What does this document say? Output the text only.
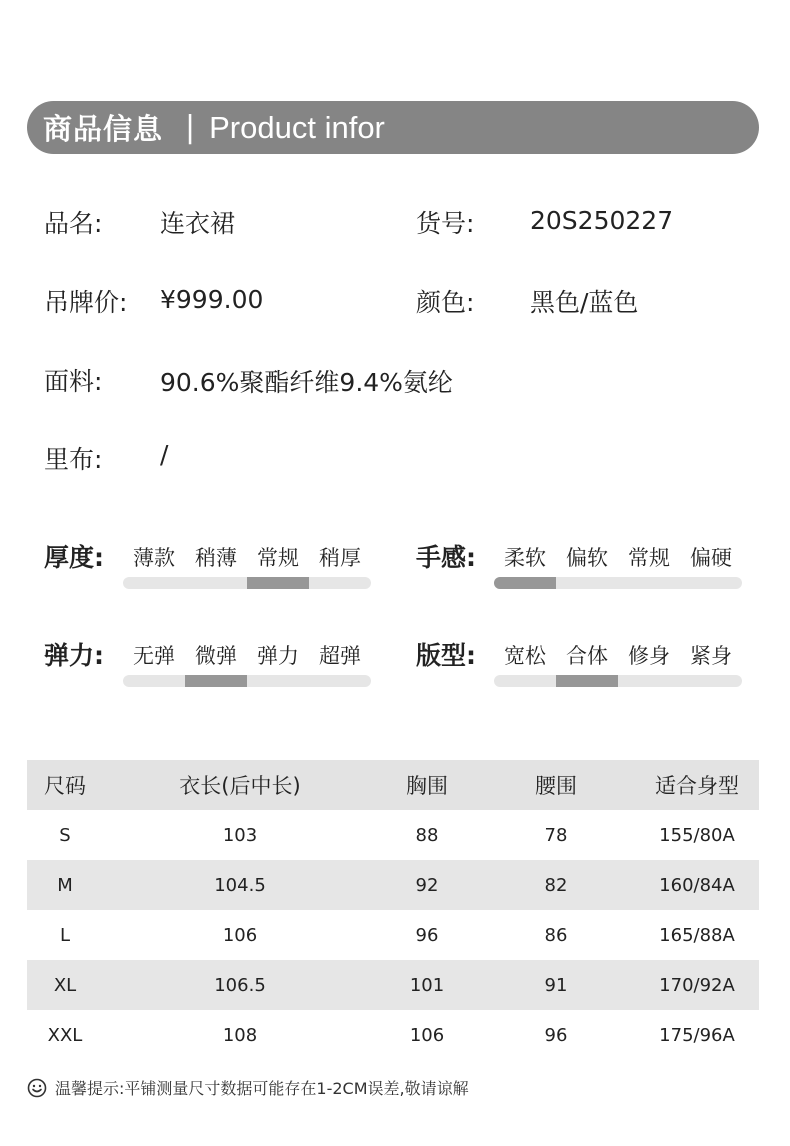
商品信息 | Product infor
品名: 连衣裙	货号: 20S250227
吊牌价: ¥999.00	颜色: 黑色/蓝色
面料: 90.6%聚酯纤维9.4%氨纶
里布: /
厚度:	薄款 稍薄 常规 稍厚	手感:	柔软 偏软 常规 偏硬
弹力:	无弹 微弹 弹力 超弹	版型:	宽松 合体 修身 紧身
尺码	衣长(后中长)	胸围	腰围	适合身型
S	103	88	78	155/80A
M	104.5	92	82	160/84A
L	106	96	86	165/88A
XL	106.5	101	91	170/92A
XXL	108	106	96	175/96A
温馨提示:平铺测量尺寸数据可能存在1-2CM误差,敬请谅解
